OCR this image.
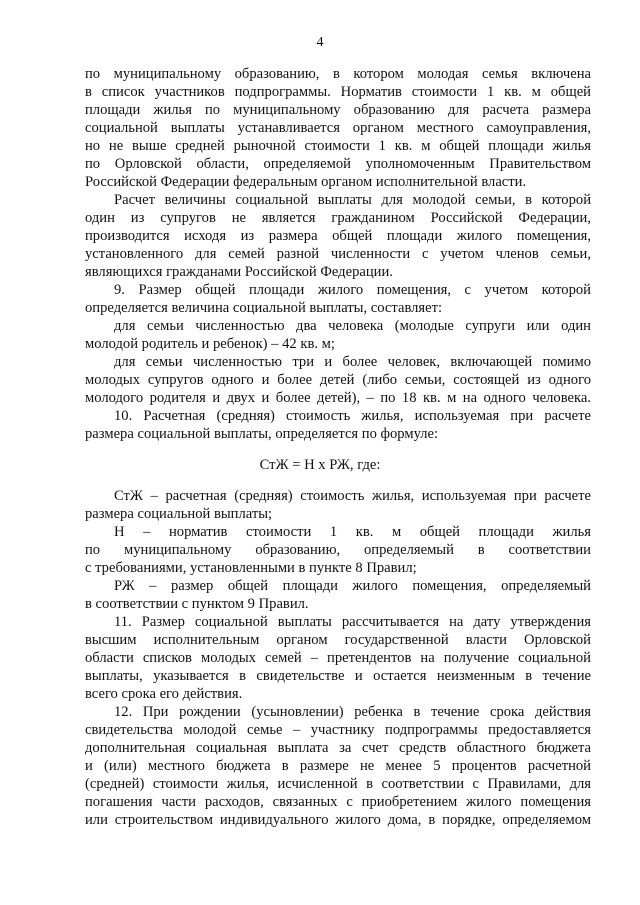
4
по муниципальному образованию, в котором молодая семья включена
в список участников подпрограммы. Норматив стоимости 1 кв. м общей
площади жилья по муниципальному образованию для расчета размера
социальной выплаты устанавливается органом местного самоуправления,
но не выше средней рыночной стоимости 1 кв. м общей площади жилья
по Орловской области, определяемой уполномоченным Правительством
Российской Федерации федеральным органом исполнительной власти.
Расчет величины социальной выплаты для молодой семьи, в которой
один из супругов не является гражданином Российской Федерации,
производится исходя из размера общей площади жилого помещения,
установленного для семей разной численности с учетом членов семьи,
являющихся гражданами Российской Федерации.
9. Размер общей площади жилого помещения, с учетом которой
определяется величина социальной выплаты, составляет:
для семьи численностью два человека (молодые супруги или один
молодой родитель и ребенок) – 42 кв. м;
для семьи численностью три и более человек, включающей помимо
молодых супругов одного и более детей (либо семьи, состоящей из одного
молодого родителя и двух и более детей), – по 18 кв. м на одного человека.
10. Расчетная (средняя) стоимость жилья, используемая при расчете
размера социальной выплаты, определяется по формуле:
СтЖ = Н х РЖ, где:
СтЖ – расчетная (средняя) стоимость жилья, используемая при расчете
размера социальной выплаты;
Н – норматив стоимости 1 кв. м общей площади жилья
по муниципальному образованию, определяемый в соответствии
с требованиями, установленными в пункте 8 Правил;
РЖ – размер общей площади жилого помещения, определяемый
в соответствии с пунктом 9 Правил.
11. Размер социальной выплаты рассчитывается на дату утверждения
высшим исполнительным органом государственной власти Орловской
области списков молодых семей – претендентов на получение социальной
выплаты, указывается в свидетельстве и остается неизменным в течение
всего срока его действия.
12. При рождении (усыновлении) ребенка в течение срока действия
свидетельства молодой семье – участнику подпрограммы предоставляется
дополнительная социальная выплата за счет средств областного бюджета
и (или) местного бюджета в размере не менее 5 процентов расчетной
(средней) стоимости жилья, исчисленной в соответствии с Правилами, для
погашения части расходов, связанных с приобретением жилого помещения
или строительством индивидуального жилого дома, в порядке, определяемом
